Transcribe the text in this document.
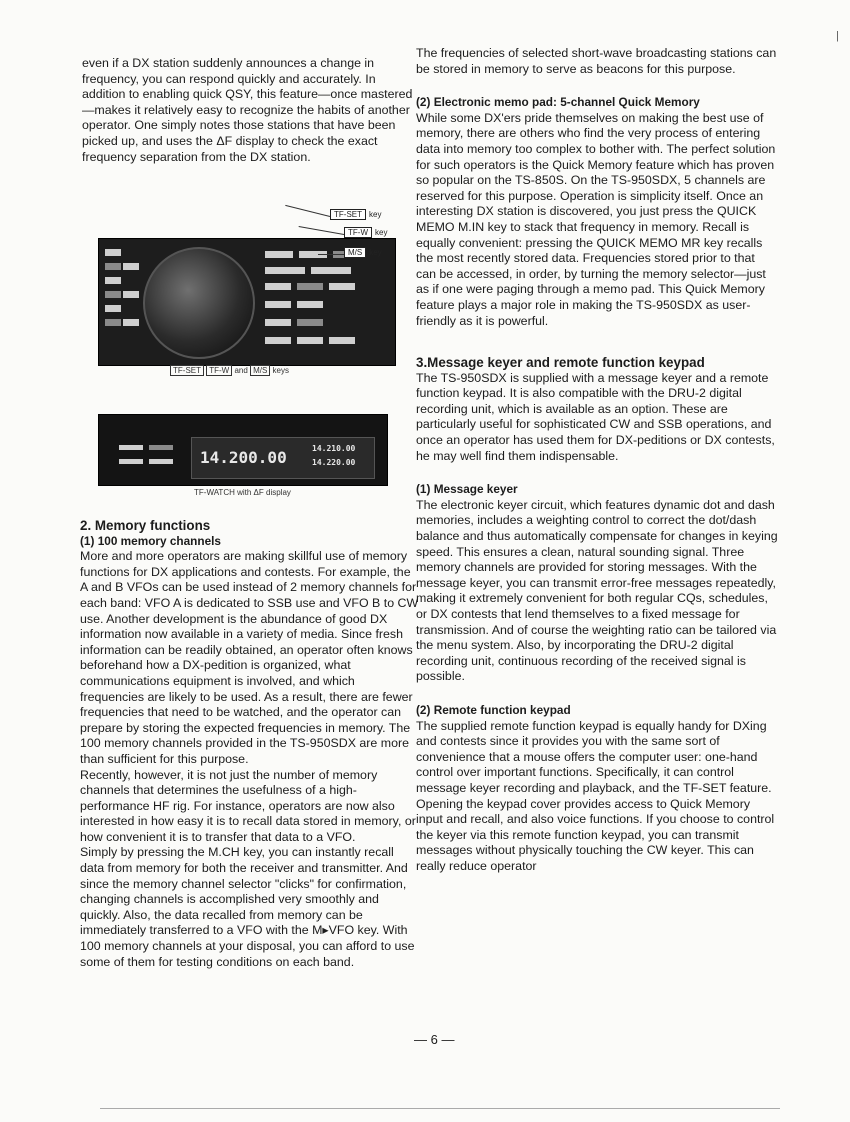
even if a DX station suddenly announces a change in frequency, you can respond quickly and accurately. In addition to enabling quick QSY, this feature—once mastered—makes it relatively easy to recognize the habits of another operator. One simply notes those stations that have been picked up, and uses the ΔF display to check the exact frequency separation from the DX station.

TF-SET key
TF-W key
M/S key
TF-SET TF-W and M/S keys
14.200.00	14.210.00
14.220.00
TF-WATCH with ΔF display

2. Memory functions

(1) 100 memory channels

More and more operators are making skillful use of memory functions for DX applications and contests. For example, the A and B VFOs can be used instead of 2 memory channels for each band: VFO A is dedicated to SSB use and VFO B to CW use. Another development is the abundance of good DX information now available in a variety of media. Since fresh information can be readily obtained, an operator often knows beforehand how a DX-pedition is organized, what communications equipment is involved, and which frequencies are likely to be used. As a result, there are fewer frequencies that need to be watched, and the operator can prepare by storing the expected frequencies in memory. The 100 memory channels provided in the TS-950SDX are more than sufficient for this purpose.

Recently, however, it is not just the number of memory channels that determines the usefulness of a high-performance HF rig. For instance, operators are now also interested in how easy it is to recall data stored in memory, or how convenient it is to transfer that data to a VFO.

Simply by pressing the M.CH key, you can instantly recall data from memory for both the receiver and transmitter. And since the memory channel selector "clicks" for confirmation, changing channels is accomplished very smoothly and quickly. Also, the data recalled from memory can be immediately transferred to a VFO with the M▸VFO key. With 100 memory channels at your disposal, you can afford to use some of them for testing conditions on each band.

The frequencies of selected short-wave broadcasting stations can be stored in memory to serve as beacons for this purpose.

(2) Electronic memo pad: 5-channel Quick Memory

While some DX'ers pride themselves on making the best use of memory, there are others who find the very process of entering data into memory too complex to bother with. The perfect solution for such operators is the Quick Memory feature which has proven so popular on the TS-850S. On the TS-950SDX, 5 channels are reserved for this purpose. Operation is simplicity itself. Once an interesting DX station is discovered, you just press the QUICK MEMO M.IN key to stack that frequency in memory. Recall is equally convenient: pressing the QUICK MEMO MR key recalls the most recently stored data. Frequencies stored prior to that can be accessed, in order, by turning the memory selector—just as if one were paging through a memo pad. This Quick Memory feature plays a major role in making the TS-950SDX as user-friendly as it is powerful.

3.Message keyer and remote function keypad

The TS-950SDX is supplied with a message keyer and a remote function keypad. It is also compatible with the DRU-2 digital recording unit, which is available as an option. These are particularly useful for sophisticated CW and SSB operations, and once an operator has used them for DX-peditions or DX contests, he may well find them indispensable.

(1) Message keyer

The electronic keyer circuit, which features dynamic dot and dash memories, includes a weighting control to correct the dot/dash balance and thus automatically compensate for changes in keying speed. This ensures a clean, natural sounding signal. Three memory channels are provided for storing messages. With the message keyer, you can transmit error-free messages repeatedly, making it extremely convenient for both regular CQs, schedules, or DX contests that lend themselves to a fixed message for transmission. And of course the weighting ratio can be tailored via the menu system. Also, by incorporating the DRU-2 digital recording unit, continuous recording of the received signal is possible.

(2) Remote function keypad

The supplied remote function keypad is equally handy for DXing and contests since it provides you with the same sort of convenience that a mouse offers the computer user: one-hand control over important functions. Specifically, it can control message keyer recording and playback, and the TF-SET feature. Opening the keypad cover provides access to Quick Memory input and recall, and also voice functions. If you choose to control the keyer via this remote function keypad, you can transmit messages without physically touching the CW keyer. This can really reduce operator

— 6 —
|
